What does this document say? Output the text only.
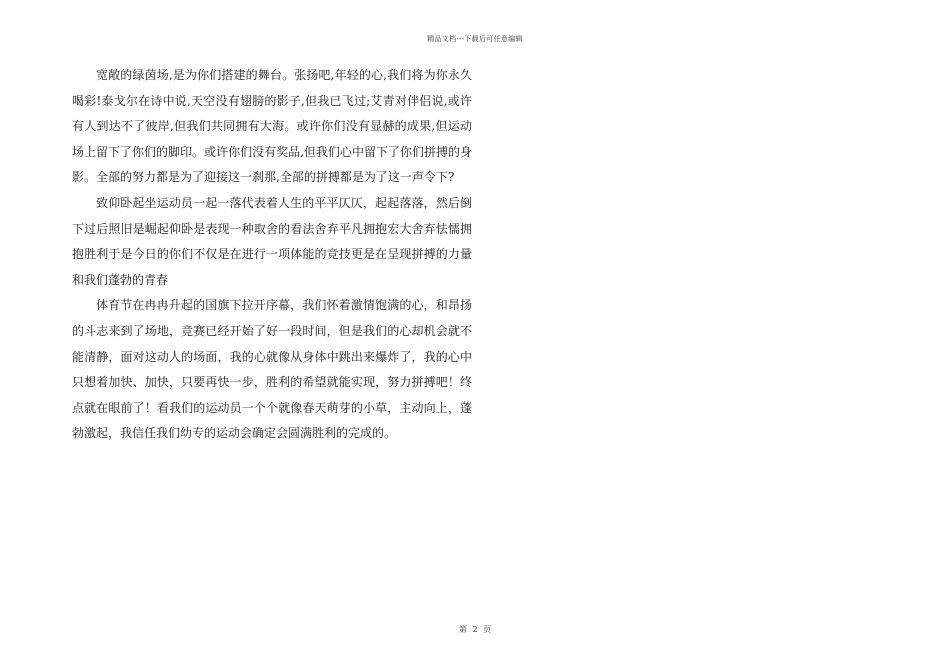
精品文档---下载后可任意编辑

宽敞的绿茵场,是为你们搭建的舞台。张扬吧,年轻的心,我们将为你永久喝彩!泰戈尔在诗中说,天空没有翅膀的影子,但我已飞过;艾青对伴侣说,或许有人到达不了彼岸,但我们共同拥有大海。或许你们没有显赫的成果,但运动场上留下了你们的脚印。或许你们没有奖品,但我们心中留下了你们拼搏的身影。全部的努力都是为了迎接这一刹那,全部的拼搏都是为了这一声令下?

致仰卧起坐运动员一起一落代表着人生的平平仄仄，起起落落，然后倒下过后照旧是崛起仰卧是表现一种取舍的看法舍弃平凡拥抱宏大舍弃怯懦拥抱胜利于是今日的你们不仅是在进行一项体能的竞技更是在呈现拼搏的力量和我们蓬勃的青春

体育节在冉冉升起的国旗下拉开序幕，我们怀着激情饱满的心，和昂扬的斗志来到了场地，竞赛已经开始了好一段时间，但是我们的心却机会就不能清静，面对这动人的场面，我的心就像从身体中跳出来爆炸了，我的心中只想着加快、加快，只要再快一步，胜利的希望就能实现，努力拼搏吧！终点就在眼前了！看我们的运动员一个个就像春天萌芽的小草，主动向上，蓬勃激起，我信任我们幼专的运动会确定会圆满胜利的完成的。

第 2 页
